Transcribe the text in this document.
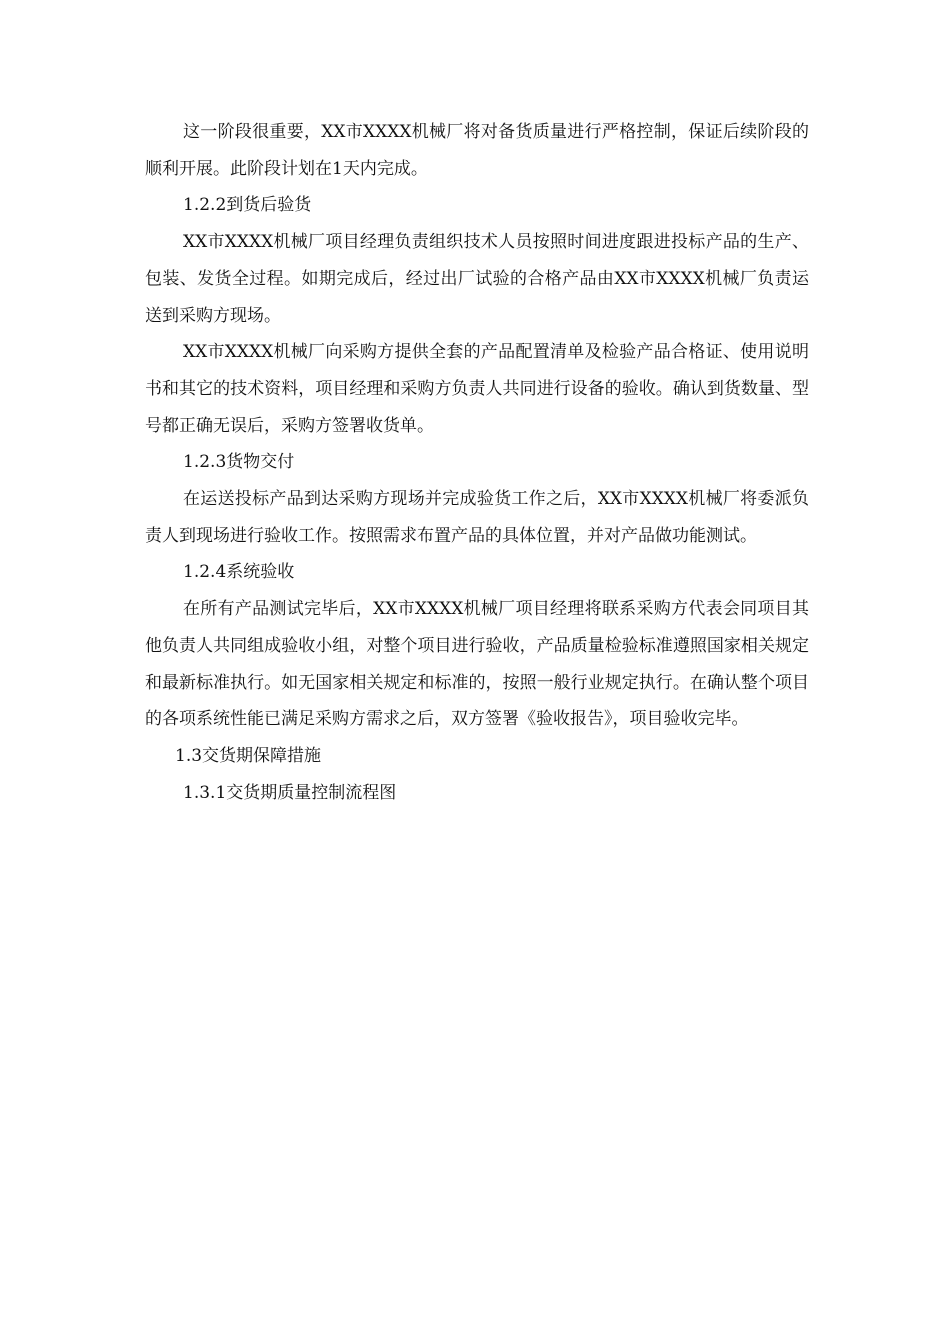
这一阶段很重要，XX市XXXX机械厂将对备货质量进行严格控制，保证后续阶段的顺利开展。此阶段计划在1天内完成。

1.2.2到货后验货

XX市XXXX机械厂项目经理负责组织技术人员按照时间进度跟进投标产品的生产、包装、发货全过程。如期完成后，经过出厂试验的合格产品由XX市XXXX机械厂负责运送到采购方现场。

XX市XXXX机械厂向采购方提供全套的产品配置清单及检验产品合格证、使用说明书和其它的技术资料，项目经理和采购方负责人共同进行设备的验收。确认到货数量、型号都正确无误后，采购方签署收货单。

1.2.3货物交付

在运送投标产品到达采购方现场并完成验货工作之后，XX市XXXX机械厂将委派负责人到现场进行验收工作。按照需求布置产品的具体位置，并对产品做功能测试。

1.2.4系统验收

在所有产品测试完毕后，XX市XXXX机械厂项目经理将联系采购方代表会同项目其他负责人共同组成验收小组，对整个项目进行验收，产品质量检验标准遵照国家相关规定和最新标准执行。如无国家相关规定和标准的，按照一般行业规定执行。在确认整个项目的各项系统性能已满足采购方需求之后，双方签署《验收报告》，项目验收完毕。

1.3交货期保障措施

1.3.1交货期质量控制流程图
